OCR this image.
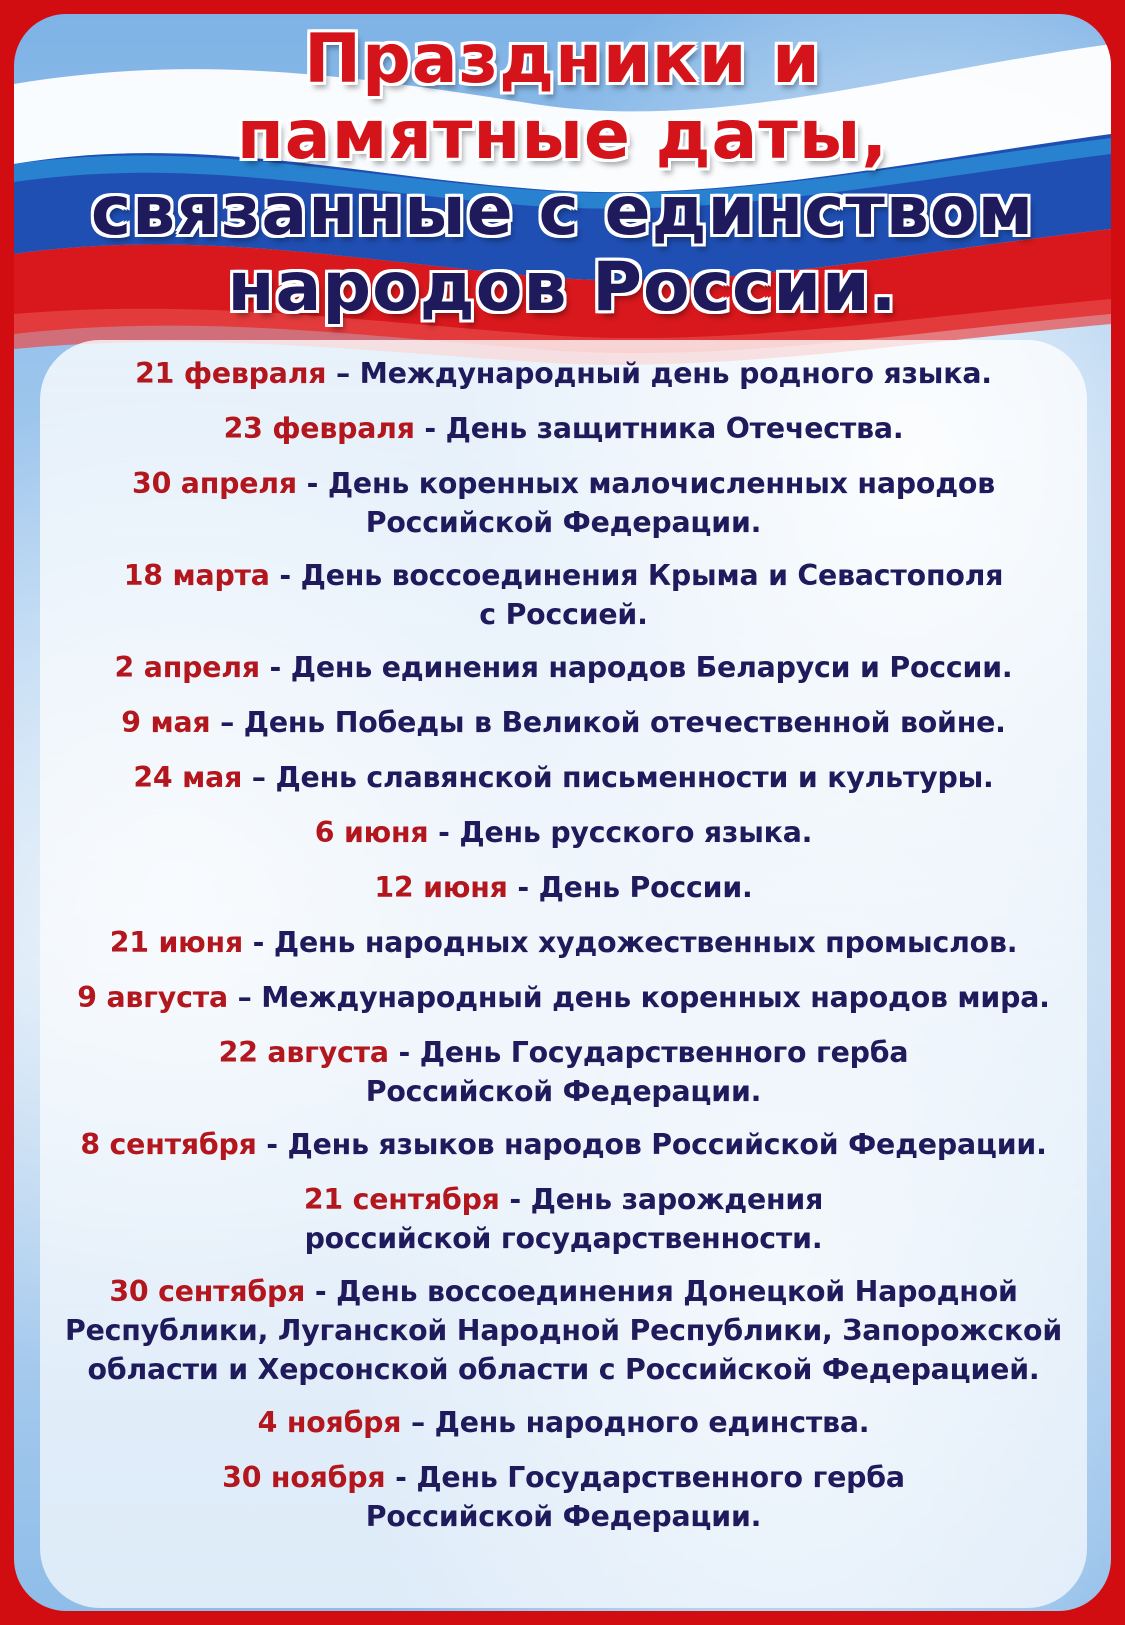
Праздники и
памятные даты,
связанные с единством
народов России.
21 февраля – Международный день родного языка.
23 февраля - День защитника Отечества.
30 апреля - День коренных малочисленных народов
Российской Федерации.
18 марта - День воссоединения Крыма и Севастополя
с Россией.
2 апреля - День единения народов Беларуси и России.
9 мая – День Победы в Великой отечественной войне.
24 мая – День славянской письменности и культуры.
6 июня - День русского языка.
12 июня - День России.
21 июня - День народных художественных промыслов.
9 августа – Международный день коренных народов мира.
22 августа - День Государственного герба
Российской Федерации.
8 сентября - День языков народов Российской Федерации.
21 сентября - День зарождения
российской государственности.
30 сентября - День воссоединения Донецкой Народной
Республики, Луганской Народной Республики, Запорожской
области и Херсонской области с Российской Федерацией.
4 ноября – День народного единства.
30 ноября - День Государственного герба
Российской Федерации.
